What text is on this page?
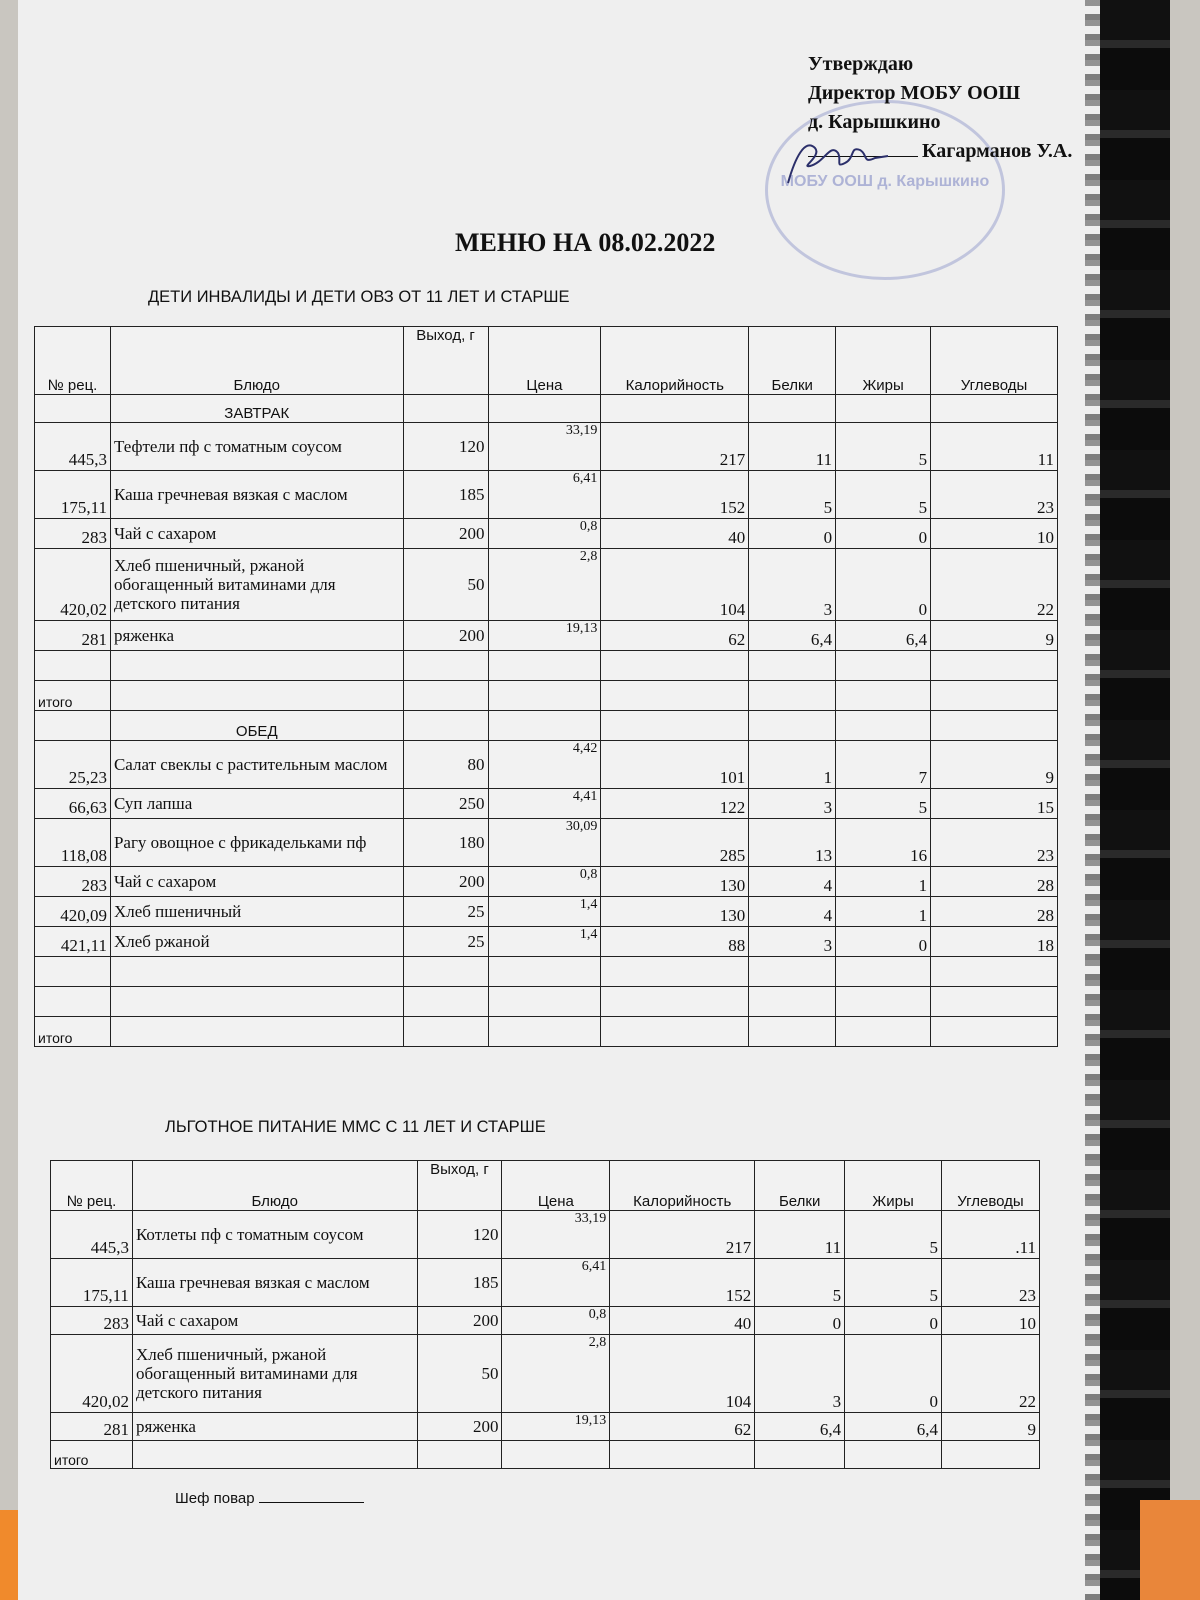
МОБУ ООШ д. Карышкино
Утверждаю
Директор МОБУ ООШ
д. Карышкино
Кагарманов У.А.
МЕНЮ НА 08.02.2022
ДЕТИ ИНВАЛИДЫ И ДЕТИ ОВЗ ОТ 11 ЛЕТ И СТАРШЕ
№ рец.	Блюдо	Выход, г	Цена	Калорийность	Белки	Жиры	Углеводы
	ЗАВТРАК						
445,3	Тефтели пф с томатным соусом	120	33,19	217	11	5	11
175,11	Каша гречневая вязкая с маслом	185	6,41	152	5	5	23
283	Чай с сахаром	200	0,8	40	0	0	10
420,02	Хлеб пшеничный, ржаной обогащенный витаминами для детского питания	50	2,8	104	3	0	22
281	ряженка	200	19,13	62	6,4	6,4	9

итого							
	ОБЕД						
25,23	Салат свеклы с растительным маслом	80	4,42	101	1	7	9
66,63	Суп лапша	250	4,41	122	3	5	15
118,08	Рагу овощное с фрикадельками пф	180	30,09	285	13	16	23
283	Чай с сахаром	200	0,8	130	4	1	28
420,09	Хлеб пшеничный	25	1,4	130	4	1	28
421,11	Хлеб ржаной	25	1,4	88	3	0	18

итого							
ЛЬГОТНОЕ ПИТАНИЕ ММС С 11 ЛЕТ И СТАРШЕ
№ рец.	Блюдо	Выход, г	Цена	Калорийность	Белки	Жиры	Углеводы
445,3	Котлеты пф с томатным соусом	120	33,19	217	11	5	.11
175,11	Каша гречневая вязкая с маслом	185	6,41	152	5	5	23
283	Чай с сахаром	200	0,8	40	0	0	10
420,02	Хлеб пшеничный, ржаной обогащенный витаминами для детского питания	50	2,8	104	3	0	22
281	ряженка	200	19,13	62	6,4	6,4	9
итого							
Шеф повар
